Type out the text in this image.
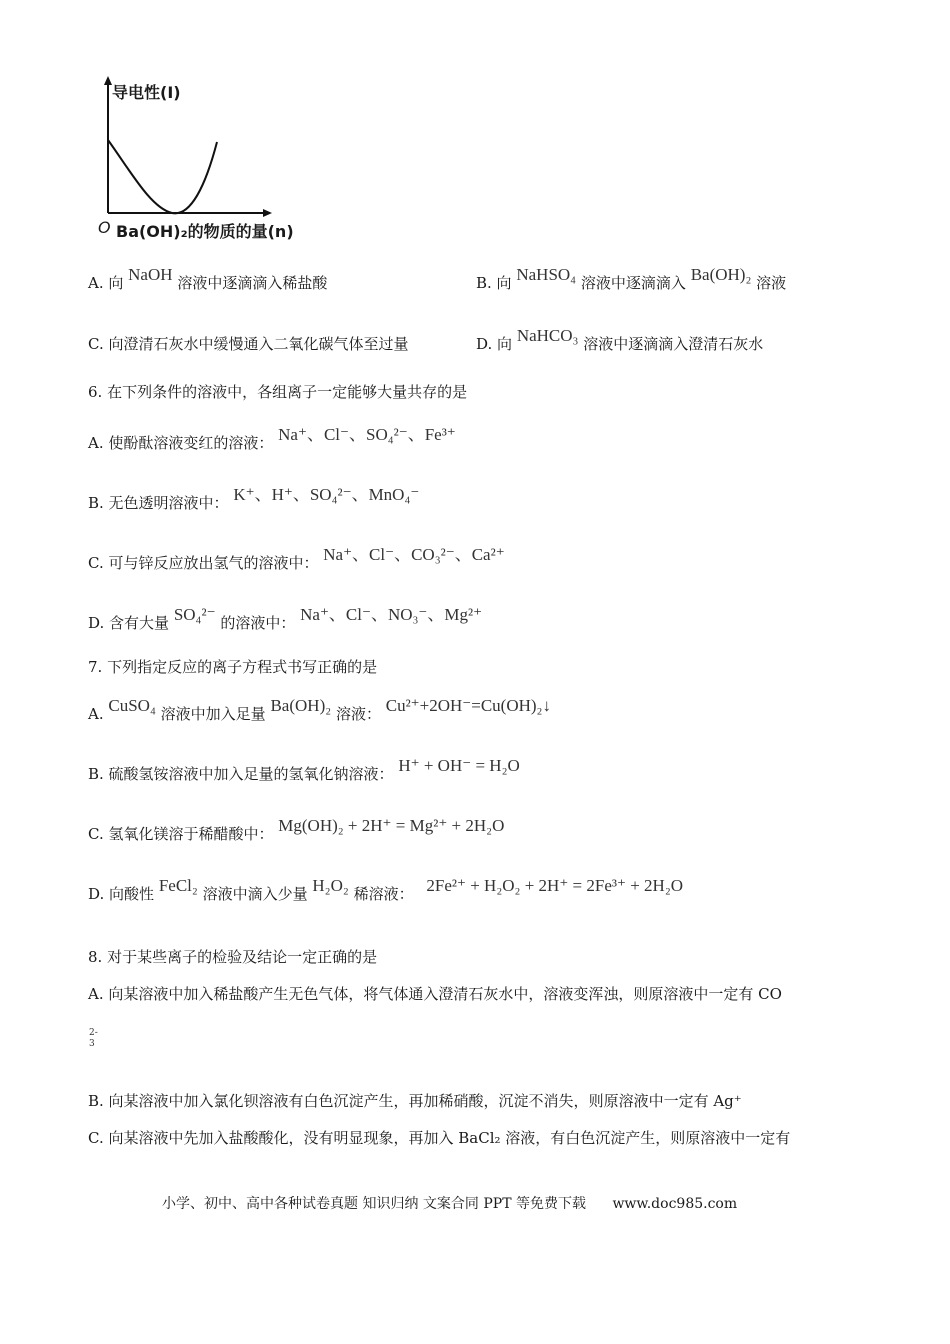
导电性(I)
O Ba(OH)₂的物质的量(n)
A. 向 NaOH 溶液中逐滴滴入稀盐酸	B. 向 NaHSO₄ 溶液中逐滴滴入 Ba(OH)₂ 溶液
C. 向澄清石灰水中缓慢通入二氧化碳气体至过量	D. 向 NaHCO₃ 溶液中逐滴滴入澄清石灰水
6. 在下列条件的溶液中，各组离子一定能够大量共存的是
A. 使酚酞溶液变红的溶液： Na⁺、Cl⁻、SO₄²⁻、Fe³⁺
B. 无色透明溶液中： K⁺、H⁺、SO₄²⁻、MnO₄⁻
C. 可与锌反应放出氢气的溶液中： Na⁺、Cl⁻、CO₃²⁻、Ca²⁺
D. 含有大量 SO₄²⁻ 的溶液中： Na⁺、Cl⁻、NO₃⁻、Mg²⁺
7. 下列指定反应的离子方程式书写正确的是
A. CuSO₄ 溶液中加入足量 Ba(OH)₂ 溶液： Cu²⁺+2OH⁻=Cu(OH)₂↓
B. 硫酸氢铵溶液中加入足量的氢氧化钠溶液： H⁺ + OH⁻ = H₂O
C. 氢氧化镁溶于稀醋酸中： Mg(OH)₂ + 2H⁺ = Mg²⁺ + 2H₂O
D. 向酸性 FeCl₂ 溶液中滴入少量 H₂O₂ 稀溶液： 2Fe²⁺ + H₂O₂ + 2H⁺ = 2Fe³⁺ + 2H₂O
8. 对于某些离子的检验及结论一定正确的是
A. 向某溶液中加入稀盐酸产生无色气体，将气体通入澄清石灰水中，溶液变浑浊，则原溶液中一定有 CO
2-
3
B. 向某溶液中加入氯化钡溶液有白色沉淀产生，再加稀硝酸，沉淀不消失，则原溶液中一定有 Ag⁺
C. 向某溶液中先加入盐酸酸化，没有明显现象，再加入 BaCl₂ 溶液，有白色沉淀产生，则原溶液中一定有
小学、初中、高中各种试卷真题 知识归纳 文案合同 PPT 等免费下载 www.doc985.com
